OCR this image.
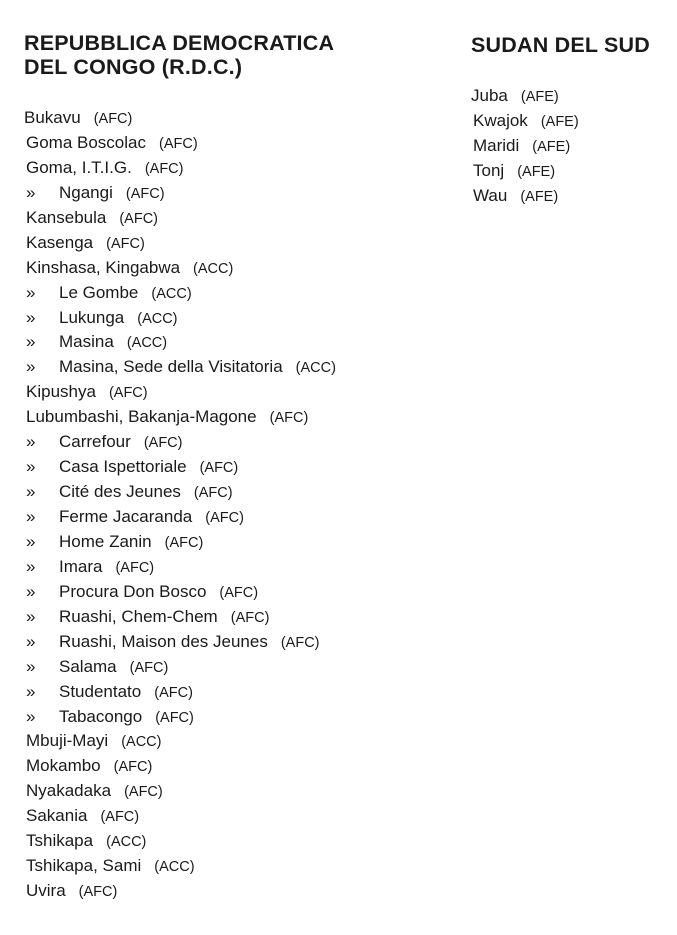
REPUBBLICA DEMOCRATICA
DEL CONGO (R.D.C.)
Bukavu (AFC)
Goma Boscolac (AFC)
Goma, I.T.I.G. (AFC)
» Ngangi (AFC)
Kansebula (AFC)
Kasenga (AFC)
Kinshasa, Kingabwa (ACC)
» Le Gombe (ACC)
» Lukunga (ACC)
» Masina (ACC)
» Masina, Sede della Visitatoria (ACC)
Kipushya (AFC)
Lubumbashi, Bakanja-Magone (AFC)
» Carrefour (AFC)
» Casa Ispettoriale (AFC)
» Cité des Jeunes (AFC)
» Ferme Jacaranda (AFC)
» Home Zanin (AFC)
» Imara (AFC)
» Procura Don Bosco (AFC)
» Ruashi, Chem-Chem (AFC)
» Ruashi, Maison des Jeunes (AFC)
» Salama (AFC)
» Studentato (AFC)
» Tabacongo (AFC)
Mbuji-Mayi (ACC)
Mokambo (AFC)
Nyakadaka (AFC)
Sakania (AFC)
Tshikapa (ACC)
Tshikapa, Sami (ACC)
Uvira (AFC)
SUDAN DEL SUD
Juba (AFE)
Kwajok (AFE)
Maridi (AFE)
Tonj (AFE)
Wau (AFE)
